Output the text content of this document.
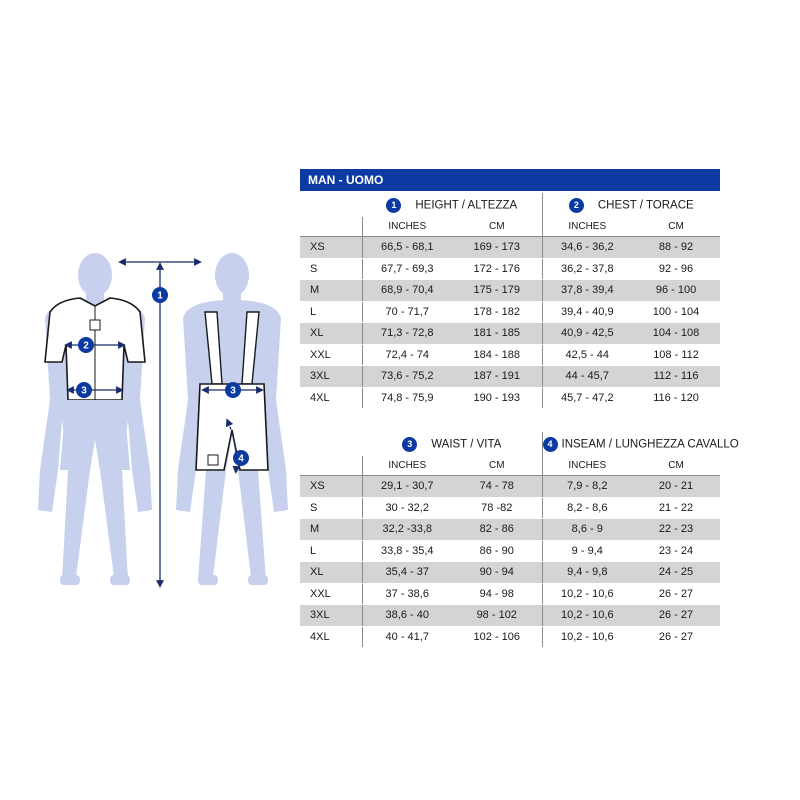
1
2
3	3
4
MAN - UOMO
	1 HEIGHT / ALTEZZA		2 CHEST / TORACE	
	INCHES	CM	INCHES	CM
XS	66,5 - 68,1	169 - 173	34,6 - 36,2	88 - 92
S	67,7 - 69,3	172 - 176	36,2 - 37,8	92 - 96
M	68,9 - 70,4	175 - 179	37,8 - 39,4	96 - 100
L	70 - 71,7	178 - 182	39,4 - 40,9	100 - 104
XL	71,3 - 72,8	181 - 185	40,9 - 42,5	104 - 108
XXL	72,4 - 74	184 - 188	42,5 - 44	108 - 112
3XL	73,6 - 75,2	187 - 191	44 - 45,7	112 - 116
4XL	74,8 - 75,9	190 - 193	45,7 - 47,2	116 - 120
	3 WAIST / VITA		4 INSEAM / LUNGHEZZA CAVALLO	
	INCHES	CM	INCHES	CM
XS	29,1 - 30,7	74 - 78	7,9 - 8,2	20 - 21
S	30 - 32,2	78 -82	8,2 - 8,6	21 - 22
M	32,2 -33,8	82 - 86	8,6 - 9	22 - 23
L	33,8 - 35,4	86 - 90	9 - 9,4	23 - 24
XL	35,4 - 37	90 - 94	9,4 - 9,8	24 - 25
XXL	37 - 38,6	94 - 98	10,2 - 10,6	26 - 27
3XL	38,6 - 40	98 - 102	10,2 - 10,6	26 - 27
4XL	40 - 41,7	102 - 106	10,2 - 10,6	26 - 27
